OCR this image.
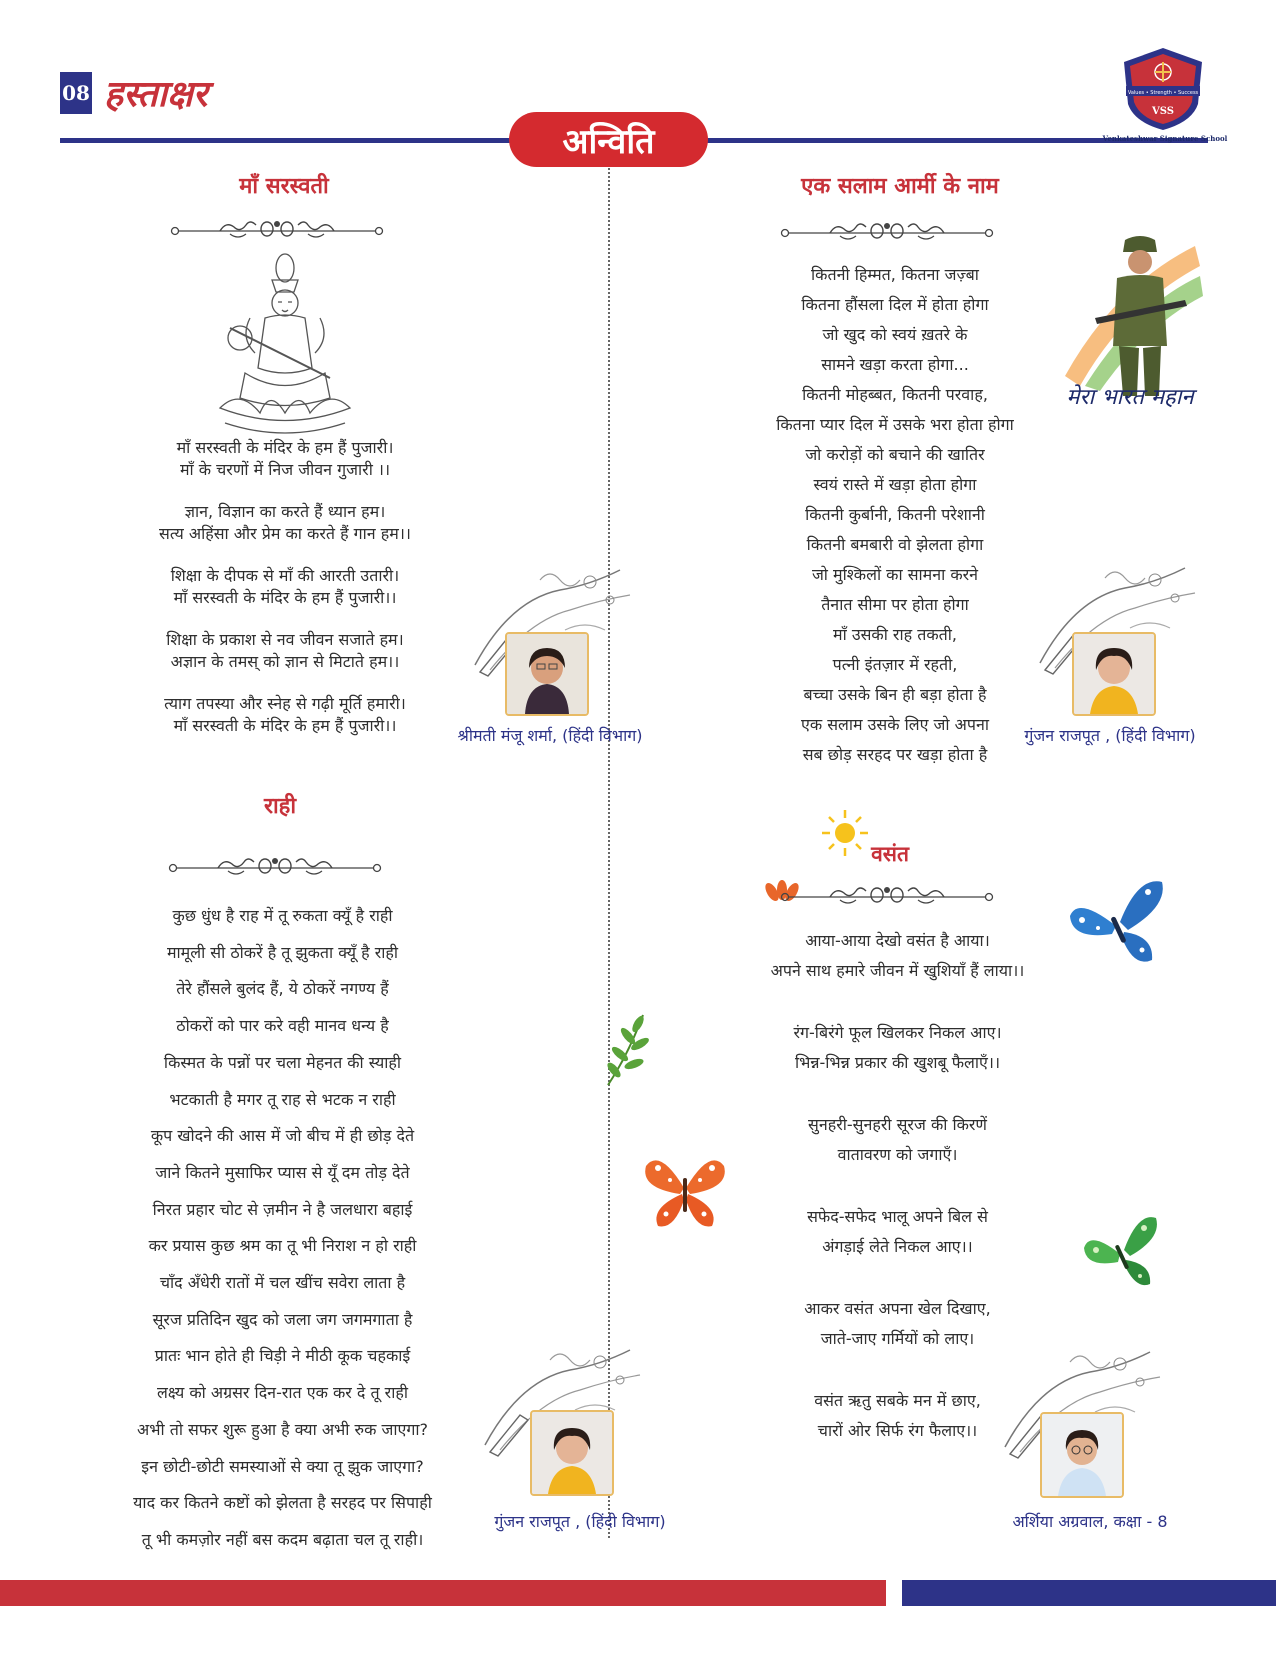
08 हस्ताक्षर
अन्विति
Values • Strength • Success
VSS
Venkateshwar Signature School
माँ सरस्वती
माँ सरस्वती के मंदिर के हम हैं पुजारी।
माँ के चरणों में निज जीवन गुजारी ।।
ज्ञान, विज्ञान का करते हैं ध्यान हम।
सत्य अहिंसा और प्रेम का करते हैं गान हम।।
शिक्षा के दीपक से माँ की आरती उतारी।
माँ सरस्वती के मंदिर के हम हैं पुजारी।।
शिक्षा के प्रकाश से नव जीवन सजाते हम।
अज्ञान के तमस् को ज्ञान से मिटाते हम।।
त्याग तपस्या और स्नेह से गढ़ी मूर्ति हमारी।
माँ सरस्वती के मंदिर के हम हैं पुजारी।।
श्रीमती मंजू शर्मा, (हिंदी विभाग)
एक सलाम आर्मी के नाम
कितनी हिम्मत, कितना जज़्बा
कितना हौंसला दिल में होता होगा
जो खुद को स्वयं ख़तरे के
सामने खड़ा करता होगा...
कितनी मोहब्बत, कितनी परवाह,
कितना प्यार दिल में उसके भरा होता होगा
जो करोड़ों को बचाने की खातिर
स्वयं रास्ते में खड़ा होता होगा
कितनी कुर्बानी, कितनी परेशानी
कितनी बमबारी वो झेलता होगा
जो मुश्किलों का सामना करने
तैनात सीमा पर होता होगा
माँ उसकी राह तकती,
पत्नी इंतज़ार में रहती,
बच्चा उसके बिन ही बड़ा होता है
एक सलाम उसके लिए जो अपना
सब छोड़ सरहद पर खड़ा होता है
मेरा भारत महान
गुंजन राजपूत , (हिंदी विभाग)
राही
कुछ धुंध है राह में तू रुकता क्यूँ है राही
मामूली सी ठोकरें है तू झुकता क्यूँ है राही
तेरे हौंसले बुलंद हैं, ये ठोकरें नगण्य हैं
ठोकरों को पार करे वही मानव धन्य है
किस्मत के पन्नों पर चला मेहनत की स्याही
भटकाती है मगर तू राह से भटक न राही
कूप खोदने की आस में जो बीच में ही छोड़ देते
जाने कितने मुसाफिर प्यास से यूँ दम तोड़ देते
निरत प्रहार चोट से ज़मीन ने है जलधारा बहाई
कर प्रयास कुछ श्रम का तू भी निराश न हो राही
चाँद अँधेरी रातों में चल खींच सवेरा लाता है
सूरज प्रतिदिन खुद को जला जग जगमगाता है
प्रातः भान होते ही चिड़ी ने मीठी कूक चहकाई
लक्ष्य को अग्रसर दिन-रात एक कर दे तू राही
अभी तो सफर शुरू हुआ है क्या अभी रुक जाएगा?
इन छोटी-छोटी समस्याओं से क्या तू झुक जाएगा?
याद कर कितने कष्टों को झेलता है सरहद पर सिपाही
तू भी कमज़ोर नहीं बस कदम बढ़ाता चल तू राही।
गुंजन राजपूत , (हिंदी विभाग)
वसंत
आया-आया देखो वसंत है आया।
अपने साथ हमारे जीवन में खुशियाँ हैं लाया।।
रंग-बिरंगे फूल खिलकर निकल आए।
भिन्न-भिन्न प्रकार की खुशबू फैलाएँ।।
सुनहरी-सुनहरी सूरज की किरणें
वातावरण को जगाएँ।
सफेद-सफेद भालू अपने बिल से
अंगड़ाई लेते निकल आए।।
आकर वसंत अपना खेल दिखाए,
जाते-जाए गर्मियों को लाए।
वसंत ऋतु सबके मन में छाए,
चारों ओर सिर्फ रंग फैलाए।।
अर्शिया अग्रवाल, कक्षा - 8
